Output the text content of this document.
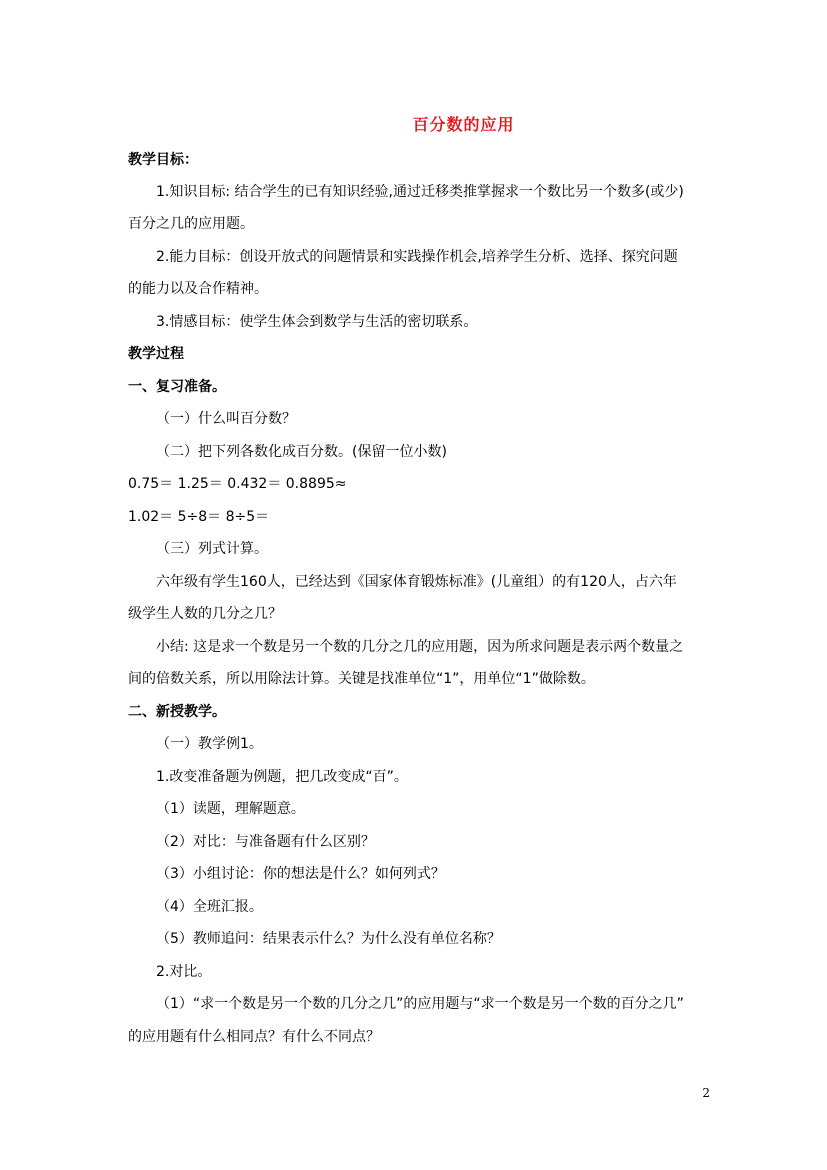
百分数的应用
教学目标：
1.知识目标: 结合学生的已有知识经验,通过迁移类推掌握求一个数比另一个数多(或少)
百分之几的应用题。
2.能力目标：创设开放式的问题情景和实践操作机会,培养学生分析、选择、探究问题
的能力以及合作精神。
3.情感目标：使学生体会到数学与生活的密切联系。
教学过程
一、复习准备。
（一）什么叫百分数？
（二）把下列各数化成百分数。(保留一位小数)
0.75＝ 1.25＝ 0.432＝ 0.8895≈
1.02＝ 5÷8＝ 8÷5＝
（三）列式计算。
六年级有学生160人，已经达到《国家体育锻炼标准》(儿童组）的有120人，占六年
级学生人数的几分之几？
小结: 这是求一个数是另一个数的几分之几的应用题，因为所求问题是表示两个数量之
间的倍数关系，所以用除法计算。关键是找准单位“1”，用单位“1”做除数。
二、新授教学。
（一）教学例1。
1.改变准备题为例题，把几改变成“百”。
（1）读题，理解题意。
（2）对比：与准备题有什么区别？
（3）小组讨论：你的想法是什么？如何列式？
（4）全班汇报。
（5）教师追问：结果表示什么？为什么没有单位名称？
2.对比。
（1）“求一个数是另一个数的几分之几”的应用题与“求一个数是另一个数的百分之几”
的应用题有什么相同点？有什么不同点？
2
